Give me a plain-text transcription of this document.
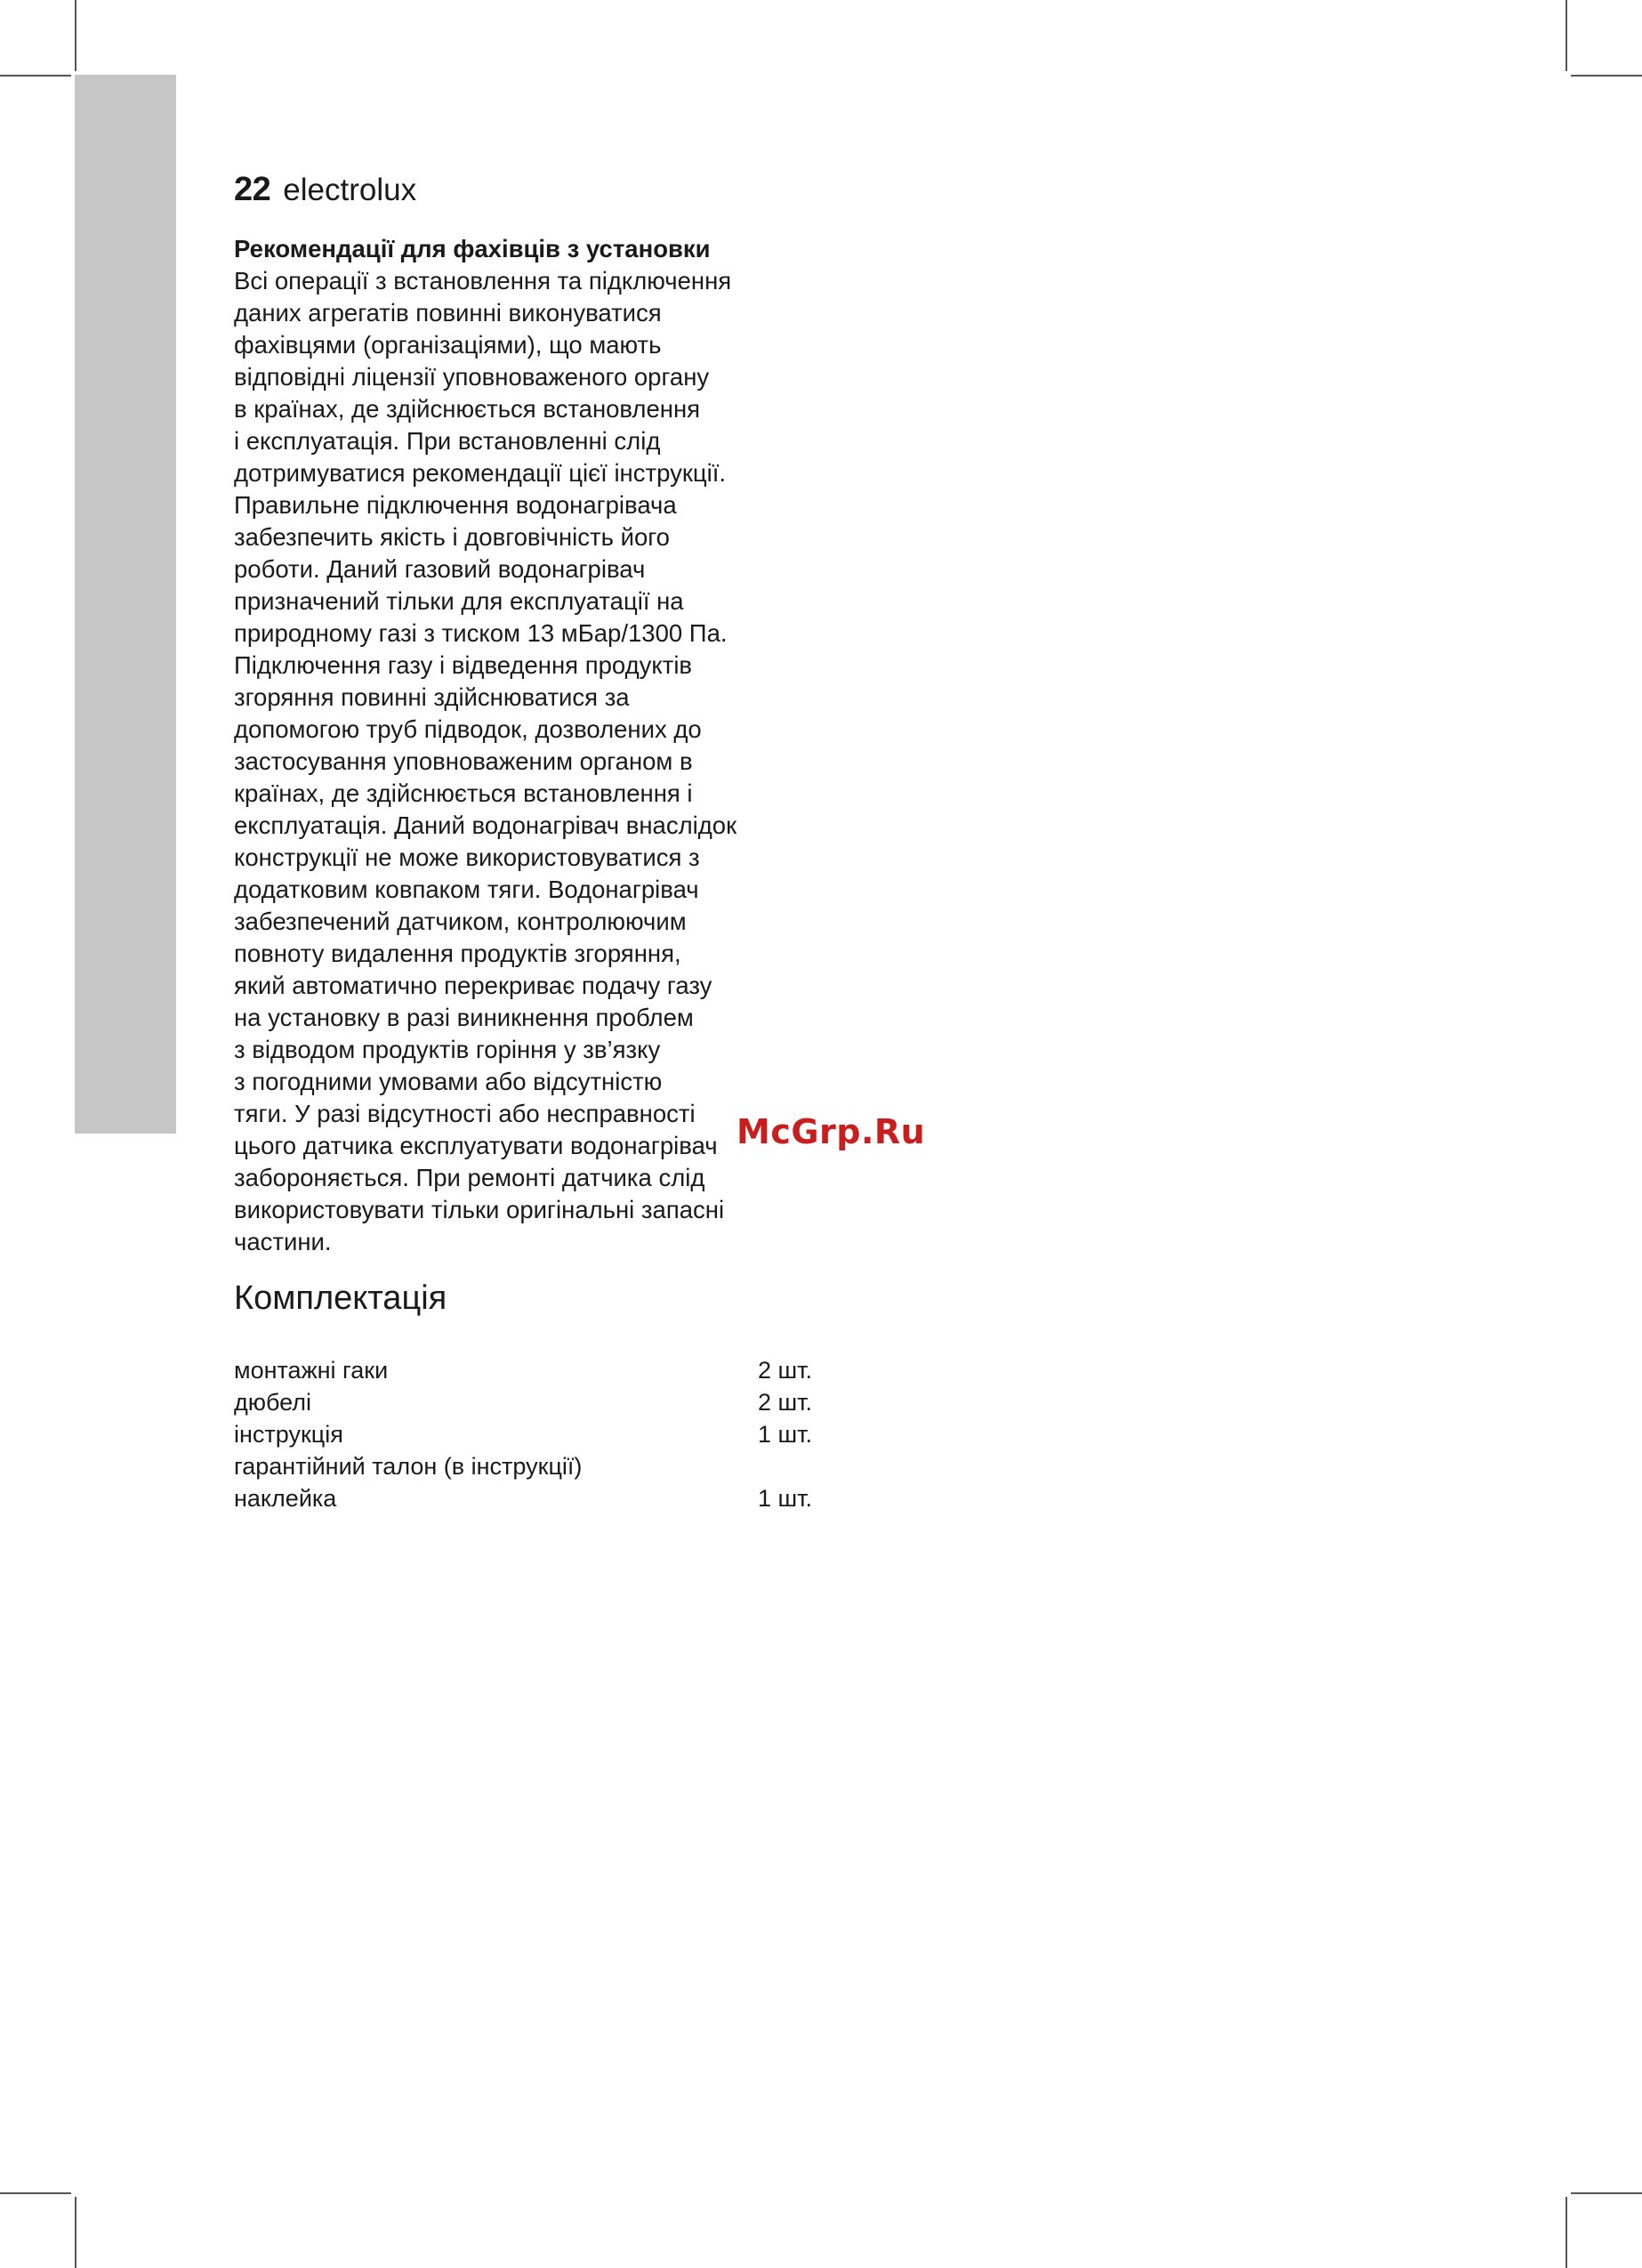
22 electrolux
Рекомендації для фахівців з установки

Всі операції з встановлення та підключення
даних агрегатів повинні виконуватися
фахівцями (організаціями), що мають
відповідні ліцензії уповноваженого органу
в країнах, де здійснюється встановлення
і експлуатація. При встановленні слід
дотримуватися рекомендації цієї інструкції.
Правильне підключення водонагрівача
забезпечить якість і довговічність його
роботи. Даний газовий водонагрівач
призначений тільки для експлуатації на
природному газі з тиском 13 мБар/1300 Па.
Підключення газу і відведення продуктів
згоряння повинні здійснюватися за
допомогою труб підводок, дозволених до
застосування уповноваженим органом в
країнах, де здійснюється встановлення і
експлуатація. Даний водонагрівач внаслідок
конструкції не може використовуватися з
додатковим ковпаком тяги. Водонагрівач
забезпечений датчиком, контролюючим
повноту видалення продуктів згоряння,
який автоматично перекриває подачу газу
на установку в разі виникнення проблем
з відводом продуктів горіння у зв’язку
з погодними умовами або відсутністю
тяги. У разі відсутності або несправності
цього датчика експлуатувати водонагрівач
забороняється. При ремонті датчика слід
використовувати тільки оригінальні запасні
частини.

Комплектація
монтажні гаки	2 шт.
дюбелі	2 шт.
інструкція	1 шт.
гарантійний талон (в інструкції)
наклейка	1 шт.
McGrp.Ru
